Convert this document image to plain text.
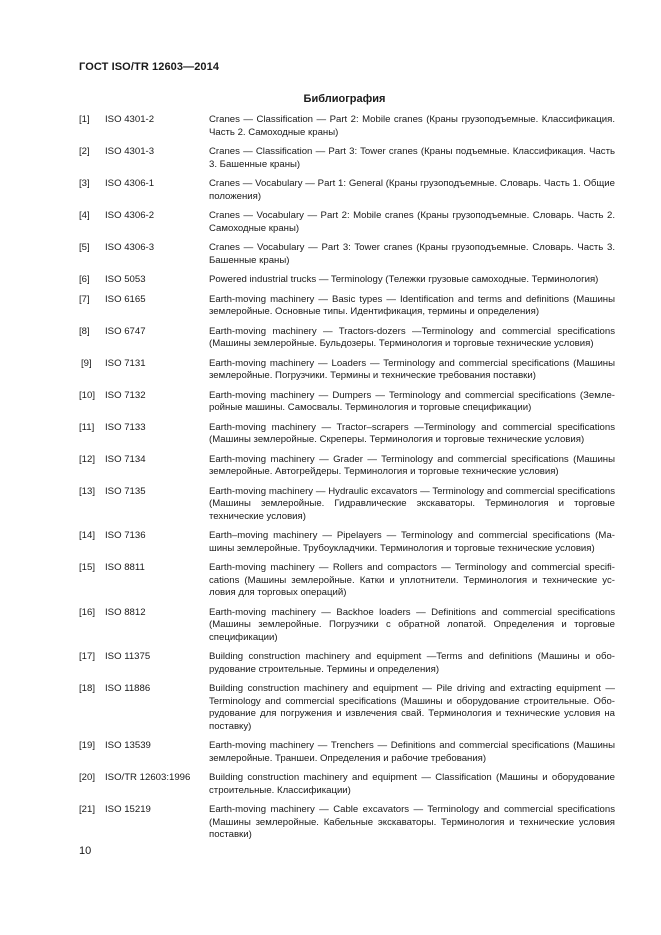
ГОСТ ISO/TR 12603—2014
Библиография
[1] ISO 4301-2	Cranes — Classification — Part 2: Mobile cranes (Краны грузоподъемные. Классификация. Часть 2. Самоходные краны)
[2] ISO 4301-3	Cranes — Classification — Part 3: Tower cranes (Краны подъемные. Классификация. Часть 3. Башенные краны)
[3] ISO 4306-1	Cranes — Vocabulary — Part 1: General (Краны грузоподъемные. Словарь. Часть 1. Общие положения)
[4] ISO 4306-2	Cranes — Vocabulary — Part 2: Mobile cranes (Краны грузоподъемные. Словарь. Часть 2. Самоходные краны)
[5] ISO 4306-3	Cranes — Vocabulary — Part 3: Tower cranes (Краны грузоподъемные. Словарь. Часть 3. Башенные краны)
[6] ISO 5053	Powered industrial trucks — Terminology (Тележки грузовые самоходные. Терминология)
[7] ISO 6165	Earth-moving machinery — Basic types — Identification and terms and definitions (Машины землеройные. Основные типы. Идентификация, термины и определения)
[8] ISO 6747	Earth-moving machinery — Tractors-dozers —Terminology and commercial specifications (Машины землеройные. Бульдозеры. Терминология и торговые технические условия)
[9] ISO 7131	Earth-moving machinery — Loaders — Terminology and commercial specifications (Машины землеройные. Погрузчики. Термины и технические требования поставки)
[10] ISO 7132	Earth-moving machinery — Dumpers — Terminology and commercial specifications (Землеройные машины. Самосвалы. Терминология и торговые спецификации)
[11] ISO 7133	Earth-moving machinery — Tractor–scrapers —Terminology and commercial specifications (Машины землеройные. Скреперы. Терминология и торговые технические условия)
[12] ISO 7134	Earth-moving machinery — Grader — Terminology and commercial specifications (Машины землеройные. Автогрейдеры. Терминология и торговые технические условия)
[13] ISO 7135	Earth-moving machinery — Hydraulic excavators — Terminology and commercial specifications (Машины землеройные. Гидравлические экскаваторы. Терминология и торговые технические условия)
[14] ISO 7136	Earth–moving machinery — Pipelayers — Terminology and commercial specifications (Машины землеройные. Трубоукладчики. Терминология и торговые технические условия)
[15] ISO 8811	Earth-moving machinery — Rollers and compactors — Terminology and commercial specifications (Машины землеройные. Катки и уплотнители. Терминология и технические условия для торговых операций)
[16] ISO 8812	Earth-moving machinery — Backhoe loaders — Definitions and commercial specifications (Машины землеройные. Погрузчики с обратной лопатой. Определения и торговые спецификации)
[17] ISO 11375	Building construction machinery and equipment —Terms and definitions (Машины и оборудование строительные. Термины и определения)
[18] ISO 11886	Building construction machinery and equipment — Pile driving and extracting equipment — Terminology and commercial specifications (Машины и оборудование строительные. Оборудование для погружения и извлечения свай. Терминология и технические условия на поставку)
[19] ISO 13539	Earth-moving machinery — Trenchers — Definitions and commercial specifications (Машины землеройные. Траншеи. Определения и рабочие требования)
[20] ISO/TR 12603:1996 Building construction machinery and equipment — Classification (Машины и оборудование строительные. Классификации)
[21] ISO 15219	Earth-moving machinery — Cable excavators — Terminology and commercial specifications (Машины землеройные. Кабельные экскаваторы. Терминология и технические условия поставки)
10
